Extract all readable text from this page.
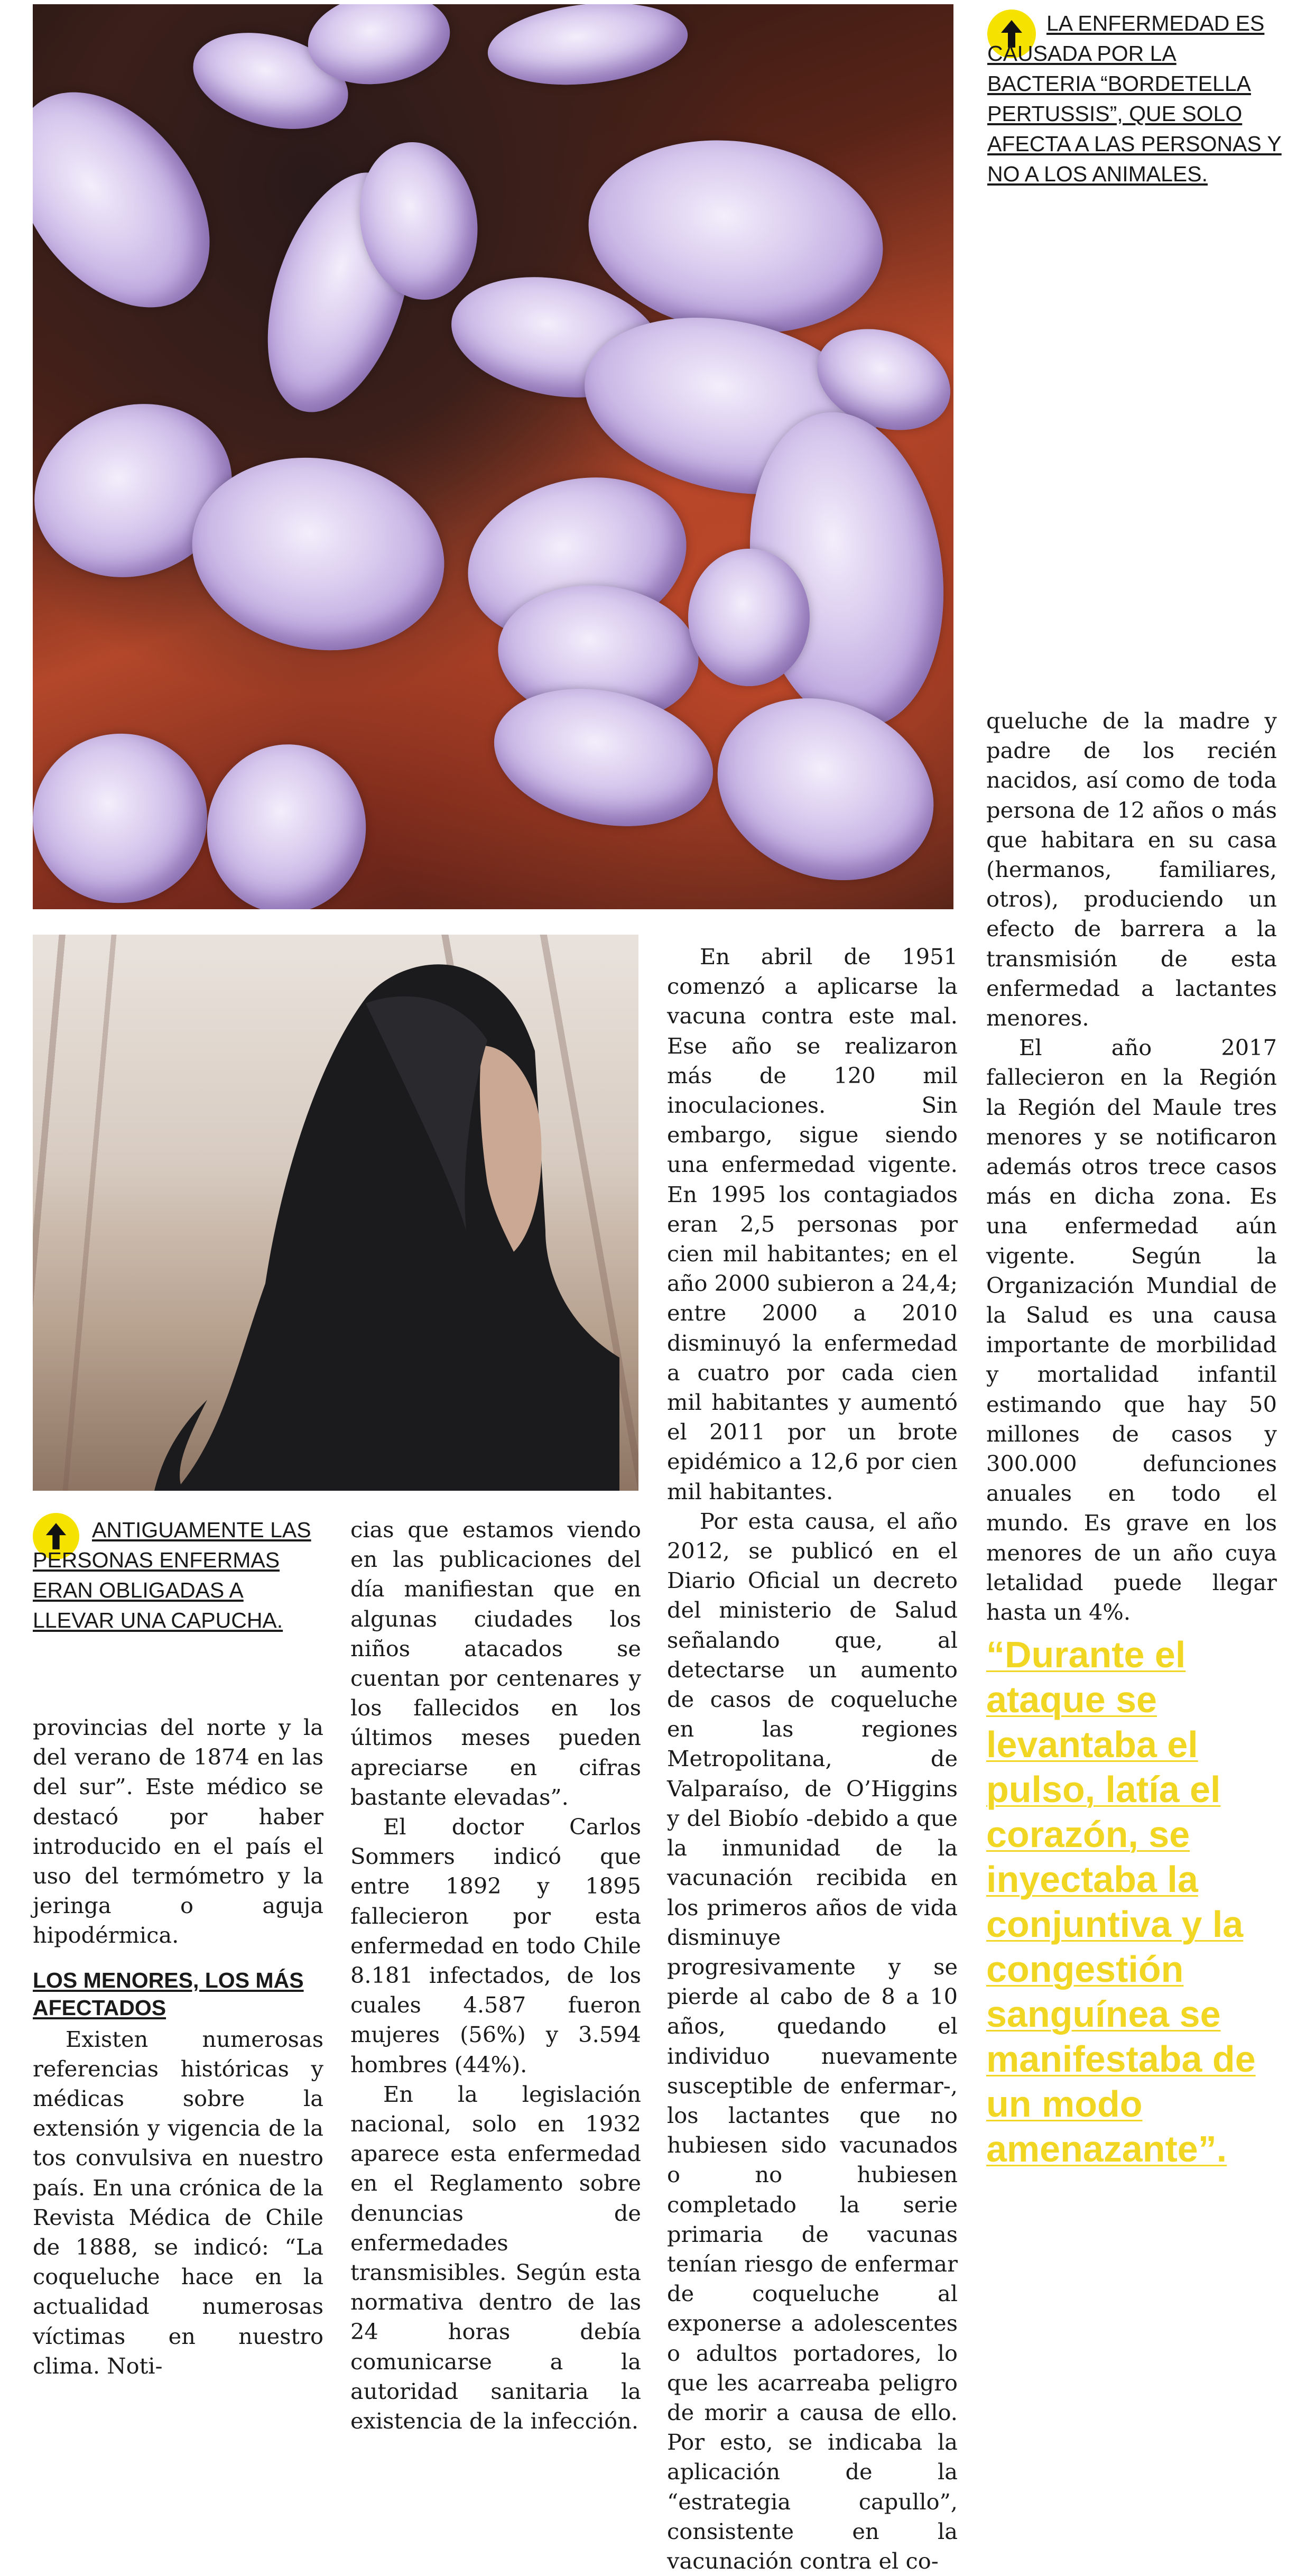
LA ENFERMEDAD ES CAUSADA POR LA BACTERIA “BORDETELLA PERTUSSIS”, QUE SOLO AFECTA A LAS PERSONAS Y NO A LOS ANIMALES.
ANTIGUAMENTE LAS PERSONAS ENFERMAS ERAN OBLIGADAS A LLEVAR UNA CAPUCHA.

provincias del norte y la del verano de 1874 en las del sur”. Este médico se destacó por haber introducido en el país el uso del termómetro y la jeringa o aguja hipodérmica.

LOS MENORES, LOS MÁS AFECTADOS

Existen numerosas referencias históricas y médicas sobre la extensión y vigencia de la tos convulsiva en nuestro país. En una crónica de la Revista Médica de Chile de 1888, se indicó: “La coqueluche hace en la actualidad numerosas víctimas en nuestro clima. Noti-

cias que estamos viendo en las publicaciones del día manifiestan que en algunas ciudades los niños atacados se cuentan por centenares y los fallecidos en los últimos meses pueden apreciarse en cifras bastante elevadas”.

El doctor Carlos Sommers indicó que entre 1892 y 1895 fallecieron por esta enfermedad en todo Chile 8.181 infectados, de los cuales 4.587 fueron mujeres (56%) y 3.594 hombres (44%).

En la legislación nacional, solo en 1932 aparece esta enfermedad en el Reglamento sobre denuncias de enfermedades transmisibles. Según esta normativa dentro de las 24 horas debía comunicarse a la autoridad sanitaria la existencia de la infección.

En abril de 1951 comenzó a aplicarse la vacuna contra este mal. Ese año se realizaron más de 120 mil inoculaciones. Sin embargo, sigue siendo una enfermedad vigente. En 1995 los contagiados eran 2,5 personas por cien mil habitantes; en el año 2000 subieron a 24,4; entre 2000 a 2010 disminuyó la enfermedad a cuatro por cada cien mil habitantes y aumentó el 2011 por un brote epidémico a 12,6 por cien mil habitantes.

Por esta causa, el año 2012, se publicó en el Diario Oficial un decreto del ministerio de Salud señalando que, al detectarse un aumento de casos de coqueluche en las regiones Metropolitana, de Valparaíso, de O’Higgins y del Biobío -debido a que la inmunidad de la vacunación recibida en los primeros años de vida disminuye progresivamente y se pierde al cabo de 8 a 10 años, quedando el individuo nuevamente susceptible de enfermar-, los lactantes que no hubiesen sido vacunados o no hubiesen completado la serie primaria de vacunas tenían riesgo de enfermar de coqueluche al exponerse a adolescentes o adultos portadores, lo que les acarreaba peligro de morir a causa de ello. Por esto, se indicaba la aplicación de la “estrategia capullo”, consistente en la vacunación contra el co-

queluche de la madre y padre de los recién nacidos, así como de toda persona de 12 años o más que habitara en su casa (hermanos, familiares, otros), produciendo un efecto de barrera a la transmisión de esta enfermedad a lactantes menores.

El año 2017 fallecieron en la Región la Región del Maule tres menores y se notificaron además otros trece casos más en dicha zona. Es una enfermedad aún vigente. Según la Organización Mundial de la Salud es una causa importante de morbilidad y mortalidad infantil estimando que hay 50 millones de casos y 300.000 defunciones anuales en todo el mundo. Es grave en los menores de un año cuya letalidad puede llegar hasta un 4%.

“Durante el ataque se levantaba el pulso, latía el corazón, se inyectaba la conjuntiva y la congestión sanguínea se manifestaba de un modo amenazante”.
